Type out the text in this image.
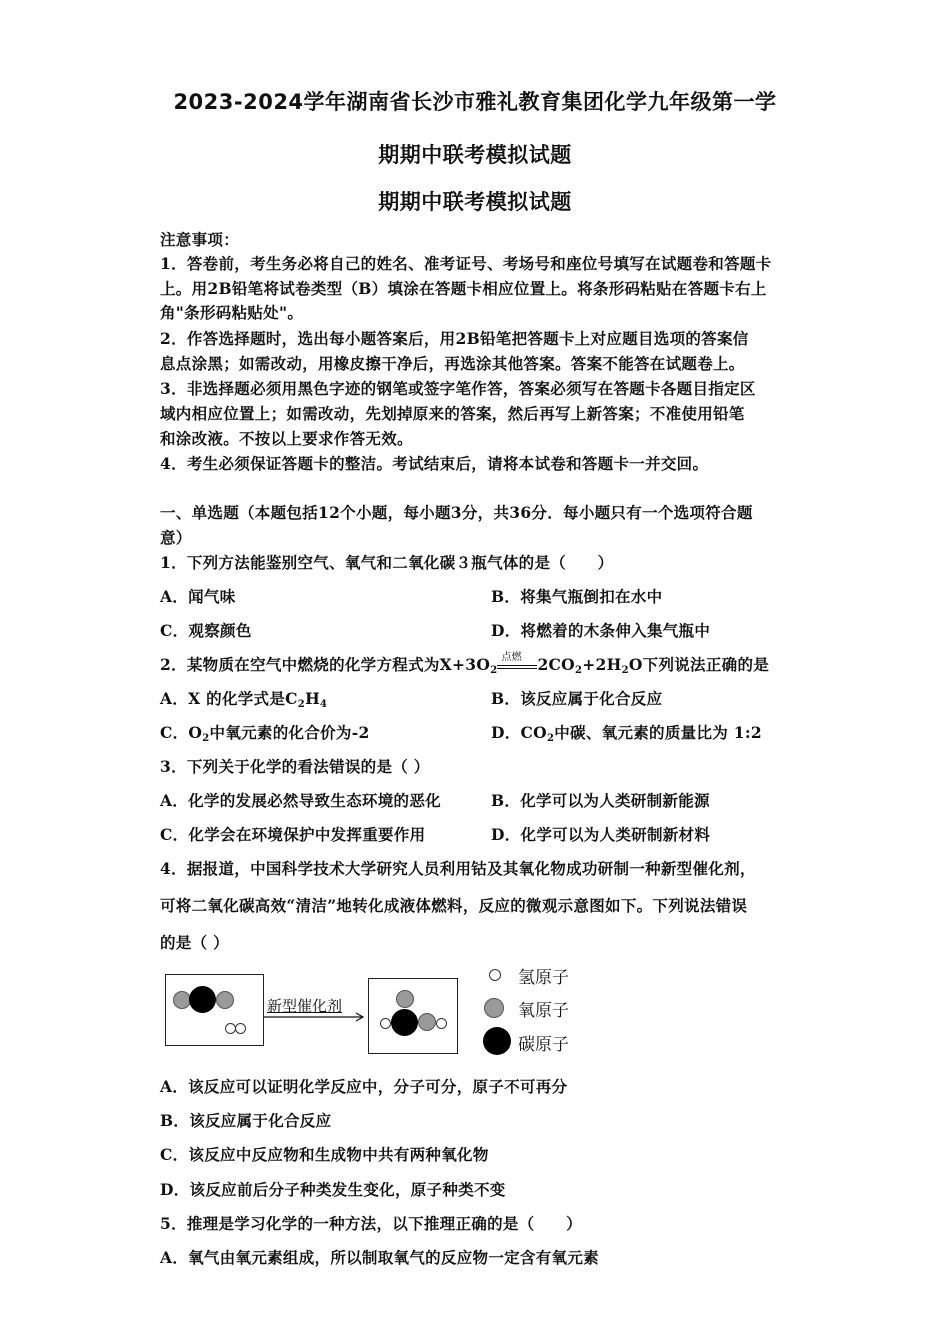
2023-2024学年湖南省长沙市雅礼教育集团化学九年级第一学
期期中联考模拟试题
期期中联考模拟试题
注意事项：
1．答卷前，考生务必将自己的姓名、准考证号、考场号和座位号填写在试题卷和答题卡
上。用2B铅笔将试卷类型（B）填涂在答题卡相应位置上。将条形码粘贴在答题卡右上
角"条形码粘贴处"。
2．作答选择题时，选出每小题答案后，用2B铅笔把答题卡上对应题目选项的答案信
息点涂黑；如需改动，用橡皮擦干净后，再选涂其他答案。答案不能答在试题卷上。
3．非选择题必须用黑色字迹的钢笔或签字笔作答，答案必须写在答题卡各题目指定区
域内相应位置上；如需改动，先划掉原来的答案，然后再写上新答案；不准使用铅笔
和涂改液。不按以上要求作答无效。
4．考生必须保证答题卡的整洁。考试结束后，请将本试卷和答题卡一并交回。
一、单选题（本题包括12个小题，每小题3分，共36分．每小题只有一个选项符合题
意）
1．下列方法能鉴别空气、氧气和二氧化碳３瓶气体的是（　　）
A．闻气味	B．将集气瓶倒扣在水中
C．观察颜色	D．将燃着的木条伸入集气瓶中
2．某物质在空气中燃烧的化学方程式为$X+3O_2$
点燃 $2CO_2+2H_2O$下列说法正确的是
A．X 的化学式是$C_2H_4$	B．该反应属于化合反应
C．$O_2$中氧元素的化合价为-2	D．$CO_2$中碳、氧元素的质量比为 1:2
3．下列关于化学的看法错误的是（ ）
A．化学的发展必然导致生态环境的恶化	B．化学可以为人类研制新能源
C．化学会在环境保护中发挥重要作用	D．化学可以为人类研制新材料
4．据报道，中国科学技术大学研究人员利用钴及其氧化物成功研制一种新型催化剂，
可将二氧化碳高效“清洁”地转化成液体燃料，反应的微观示意图如下。下列说法错误
的是（ ）
新型催化剂
氢原子
氧原子
碳原子
A．该反应可以证明化学反应中，分子可分，原子不可再分
B．该反应属于化合反应
C．该反应中反应物和生成物中共有两种氧化物
D．该反应前后分子种类发生变化，原子种类不变
5．推理是学习化学的一种方法，以下推理正确的是（　　）
A．氧气由氧元素组成，所以制取氧气的反应物一定含有氧元素
